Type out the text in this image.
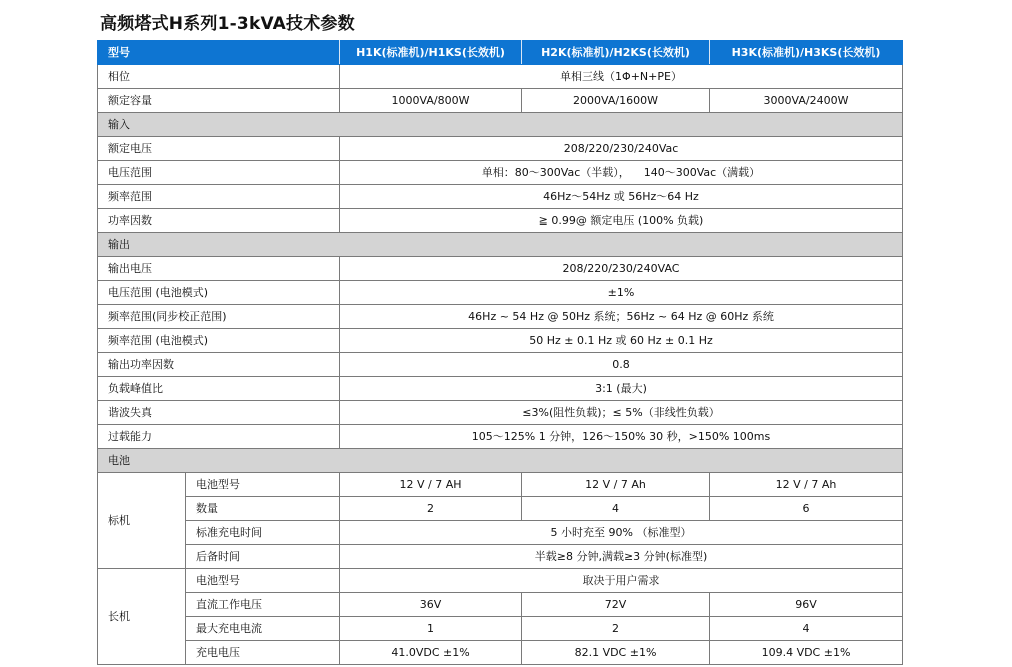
高频塔式H系列1-3kVA技术参数
型号		H1K(标准机)/H1KS(长效机)	H2K(标准机)/H2KS(长效机)	H3K(标准机)/H3KS(长效机)
相位		单相三线（1Φ+N+PE）		
额定容量		1000VA/800W	2000VA/1600W	3000VA/2400W
输入				
额定电压		208/220/230/240Vac		
电压范围		单相：80～300Vac（半载），    140～300Vac（满载）		
频率范围		46Hz～54Hz 或 56Hz～64 Hz		
功率因数		≧ 0.99@ 额定电压 (100% 负载)		
输出				
输出电压		208/220/230/240VAC		
电压范围 (电池模式)		±1%		
频率范围(同步校正范围)		46Hz ~ 54 Hz @ 50Hz 系统；56Hz ~ 64 Hz @ 60Hz 系统		
频率范围 (电池模式)		50 Hz ± 0.1 Hz 或 60 Hz ± 0.1 Hz		
输出功率因数		0.8		
负载峰值比		3:1 (最大)		
谐波失真		≤3%(阻性负载)；≤ 5%（非线性负载）		
过载能力		105～125% 1 分钟，126～150% 30 秒，>150% 100ms		
电池				
标机	电池型号	12 V / 7 AH	12 V / 7 Ah	12 V / 7 Ah
	数量	2	4	6
	标准充电时间	5 小时充至 90% （标准型）		
	后备时间	半载≥8 分钟,满载≥3 分钟(标准型)		
长机	电池型号	取决于用户需求		
	直流工作电压	36V	72V	96V
	最大充电电流	1	2	4
	充电电压	41.0VDC ±1%	82.1 VDC ±1%	109.4 VDC ±1%
